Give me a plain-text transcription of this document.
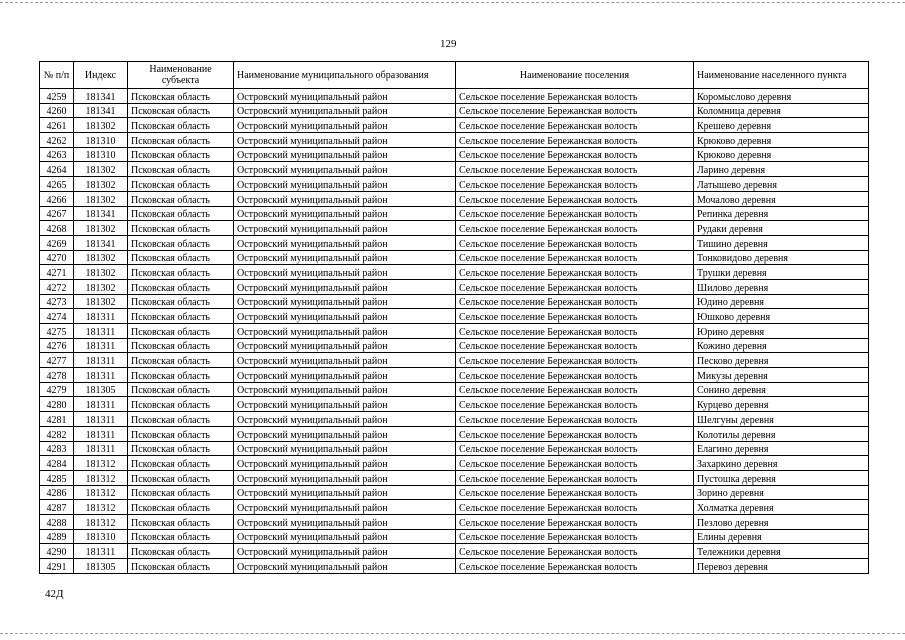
129
№ п/п	Индекс	Наименование субъекта	Наименование муниципального образования	Наименование поселения	Наименование населенного пункта
4259	181341	Псковская область	Островский муниципальный район	Сельское поселение Бережанская волость	Коромыслово деревня
4260	181341	Псковская область	Островский муниципальный район	Сельское поселение Бережанская волость	Коломница деревня
4261	181302	Псковская область	Островский муниципальный район	Сельское поселение Бережанская волость	Крешево деревня
4262	181310	Псковская область	Островский муниципальный район	Сельское поселение Бережанская волость	Крюково деревня
4263	181310	Псковская область	Островский муниципальный район	Сельское поселение Бережанская волость	Крюково деревня
4264	181302	Псковская область	Островский муниципальный район	Сельское поселение Бережанская волость	Ларино деревня
4265	181302	Псковская область	Островский муниципальный район	Сельское поселение Бережанская волость	Латышево деревня
4266	181302	Псковская область	Островский муниципальный район	Сельское поселение Бережанская волость	Мочалово деревня
4267	181341	Псковская область	Островский муниципальный район	Сельское поселение Бережанская волость	Репинка деревня
4268	181302	Псковская область	Островский муниципальный район	Сельское поселение Бережанская волость	Рудаки деревня
4269	181341	Псковская область	Островский муниципальный район	Сельское поселение Бережанская волость	Тишино деревня
4270	181302	Псковская область	Островский муниципальный район	Сельское поселение Бережанская волость	Тонковидово деревня
4271	181302	Псковская область	Островский муниципальный район	Сельское поселение Бережанская волость	Трушки деревня
4272	181302	Псковская область	Островский муниципальный район	Сельское поселение Бережанская волость	Шилово деревня
4273	181302	Псковская область	Островский муниципальный район	Сельское поселение Бережанская волость	Юдино деревня
4274	181311	Псковская область	Островский муниципальный район	Сельское поселение Бережанская волость	Юшково деревня
4275	181311	Псковская область	Островский муниципальный район	Сельское поселение Бережанская волость	Юрино деревня
4276	181311	Псковская область	Островский муниципальный район	Сельское поселение Бережанская волость	Кожино деревня
4277	181311	Псковская область	Островский муниципальный район	Сельское поселение Бережанская волость	Песково деревня
4278	181311	Псковская область	Островский муниципальный район	Сельское поселение Бережанская волость	Микузы деревня
4279	181305	Псковская область	Островский муниципальный район	Сельское поселение Бережанская волость	Сонино деревня
4280	181311	Псковская область	Островский муниципальный район	Сельское поселение Бережанская волость	Курцево деревня
4281	181311	Псковская область	Островский муниципальный район	Сельское поселение Бережанская волость	Шелгуны деревня
4282	181311	Псковская область	Островский муниципальный район	Сельское поселение Бережанская волость	Колотилы деревня
4283	181311	Псковская область	Островский муниципальный район	Сельское поселение Бережанская волость	Елагино деревня
4284	181312	Псковская область	Островский муниципальный район	Сельское поселение Бережанская волость	Захаркино деревня
4285	181312	Псковская область	Островский муниципальный район	Сельское поселение Бережанская волость	Пустошка деревня
4286	181312	Псковская область	Островский муниципальный район	Сельское поселение Бережанская волость	Зорино деревня
4287	181312	Псковская область	Островский муниципальный район	Сельское поселение Бережанская волость	Холматка деревня
4288	181312	Псковская область	Островский муниципальный район	Сельское поселение Бережанская волость	Пезлово деревня
4289	181310	Псковская область	Островский муниципальный район	Сельское поселение Бережанская волость	Елины деревня
4290	181311	Псковская область	Островский муниципальный район	Сельское поселение Бережанская волость	Тележники деревня
4291	181305	Псковская область	Островский муниципальный район	Сельское поселение Бережанская волость	Перевоз деревня
42Д
